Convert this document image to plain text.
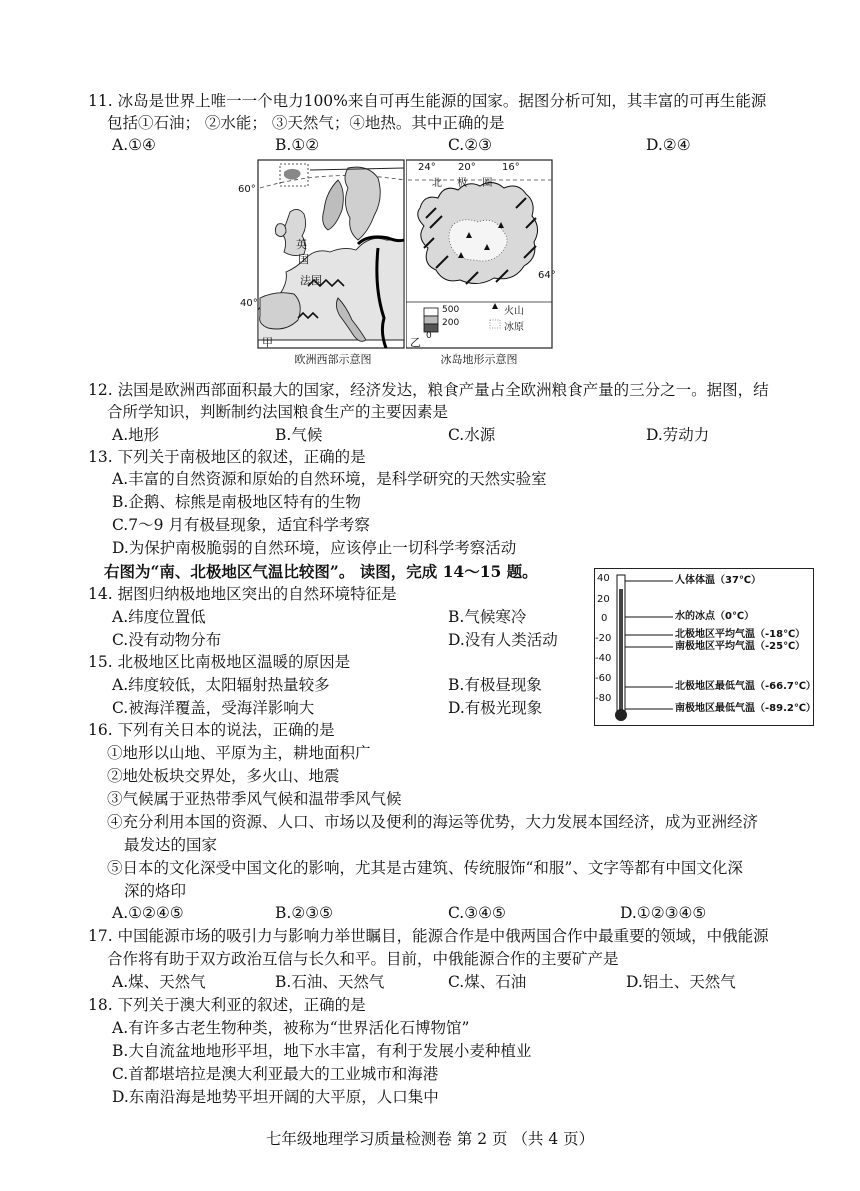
11. 冰岛是世界上唯一一个电力100%来自可再生能源的国家。据图分析可知，其丰富的可再生能源
包括①石油； ②水能； ③天然气；④地热。其中正确的是
A.①④	B.①②	C.②③	D.②④
60°
40°
英
国
法国
甲
欧洲西部示意图
24° 20°	16°
北 极 圈
64°
500
200
0
火山
冰原
乙
冰岛地形示意图
12. 法国是欧洲西部面积最大的国家，经济发达，粮食产量占全欧洲粮食产量的三分之一。据图，结
合所学知识，判断制约法国粮食生产的主要因素是
A.地形	B.气候	C.水源	D.劳动力
13. 下列关于南极地区的叙述，正确的是
A.丰富的自然资源和原始的自然环境，是科学研究的天然实验室
B.企鹅、棕熊是南极地区特有的生物
C.7～9 月有极昼现象，适宜科学考察
D.为保护南极脆弱的自然环境，应该停止一切科学考察活动
右图为“南、北极地区气温比较图”。 读图，完成 14～15 题。
14. 据图归纳极地地区突出的自然环境特征是
A.纬度位置低	B.气候寒冷
C.没有动物分布	D.没有人类活动
15. 北极地区比南极地区温暖的原因是
A.纬度较低，太阳辐射热量较多	B.有极昼现象
C.被海洋覆盖，受海洋影响大	D.有极光现象
40
20
0
-20
-40
-60
-80
人体体温（37℃）
水的冰点（0℃）
北极地区平均气温（-18℃）
南极地区平均气温（-25℃）
北极地区最低气温（-66.7℃）
南极地区最低气温（-89.2℃）
16. 下列有关日本的说法，正确的是
①地形以山地、平原为主，耕地面积广
②地处板块交界处，多火山、地震
③气候属于亚热带季风气候和温带季风气候
④充分利用本国的资源、人口、市场以及便利的海运等优势，大力发展本国经济，成为亚洲经济
最发达的国家
⑤日本的文化深受中国文化的影响，尤其是古建筑、传统服饰“和服”、文字等都有中国文化深
深的烙印
A.①②④⑤	B.②③⑤	C.③④⑤	D.①②③④⑤
17. 中国能源市场的吸引力与影响力举世瞩目，能源合作是中俄两国合作中最重要的领域，中俄能源
合作将有助于双方政治互信与长久和平。目前，中俄能源合作的主要矿产是
A.煤、天然气	B.石油、天然气	C.煤、石油	D.铝土、天然气
18. 下列关于澳大利亚的叙述，正确的是
A.有许多古老生物种类，被称为“世界活化石博物馆”
B.大自流盆地地形平坦，地下水丰富，有利于发展小麦种植业
C.首都堪培拉是澳大利亚最大的工业城市和海港
D.东南沿海是地势平坦开阔的大平原，人口集中
七年级地理学习质量检测卷 第 2 页 （共 4 页）
